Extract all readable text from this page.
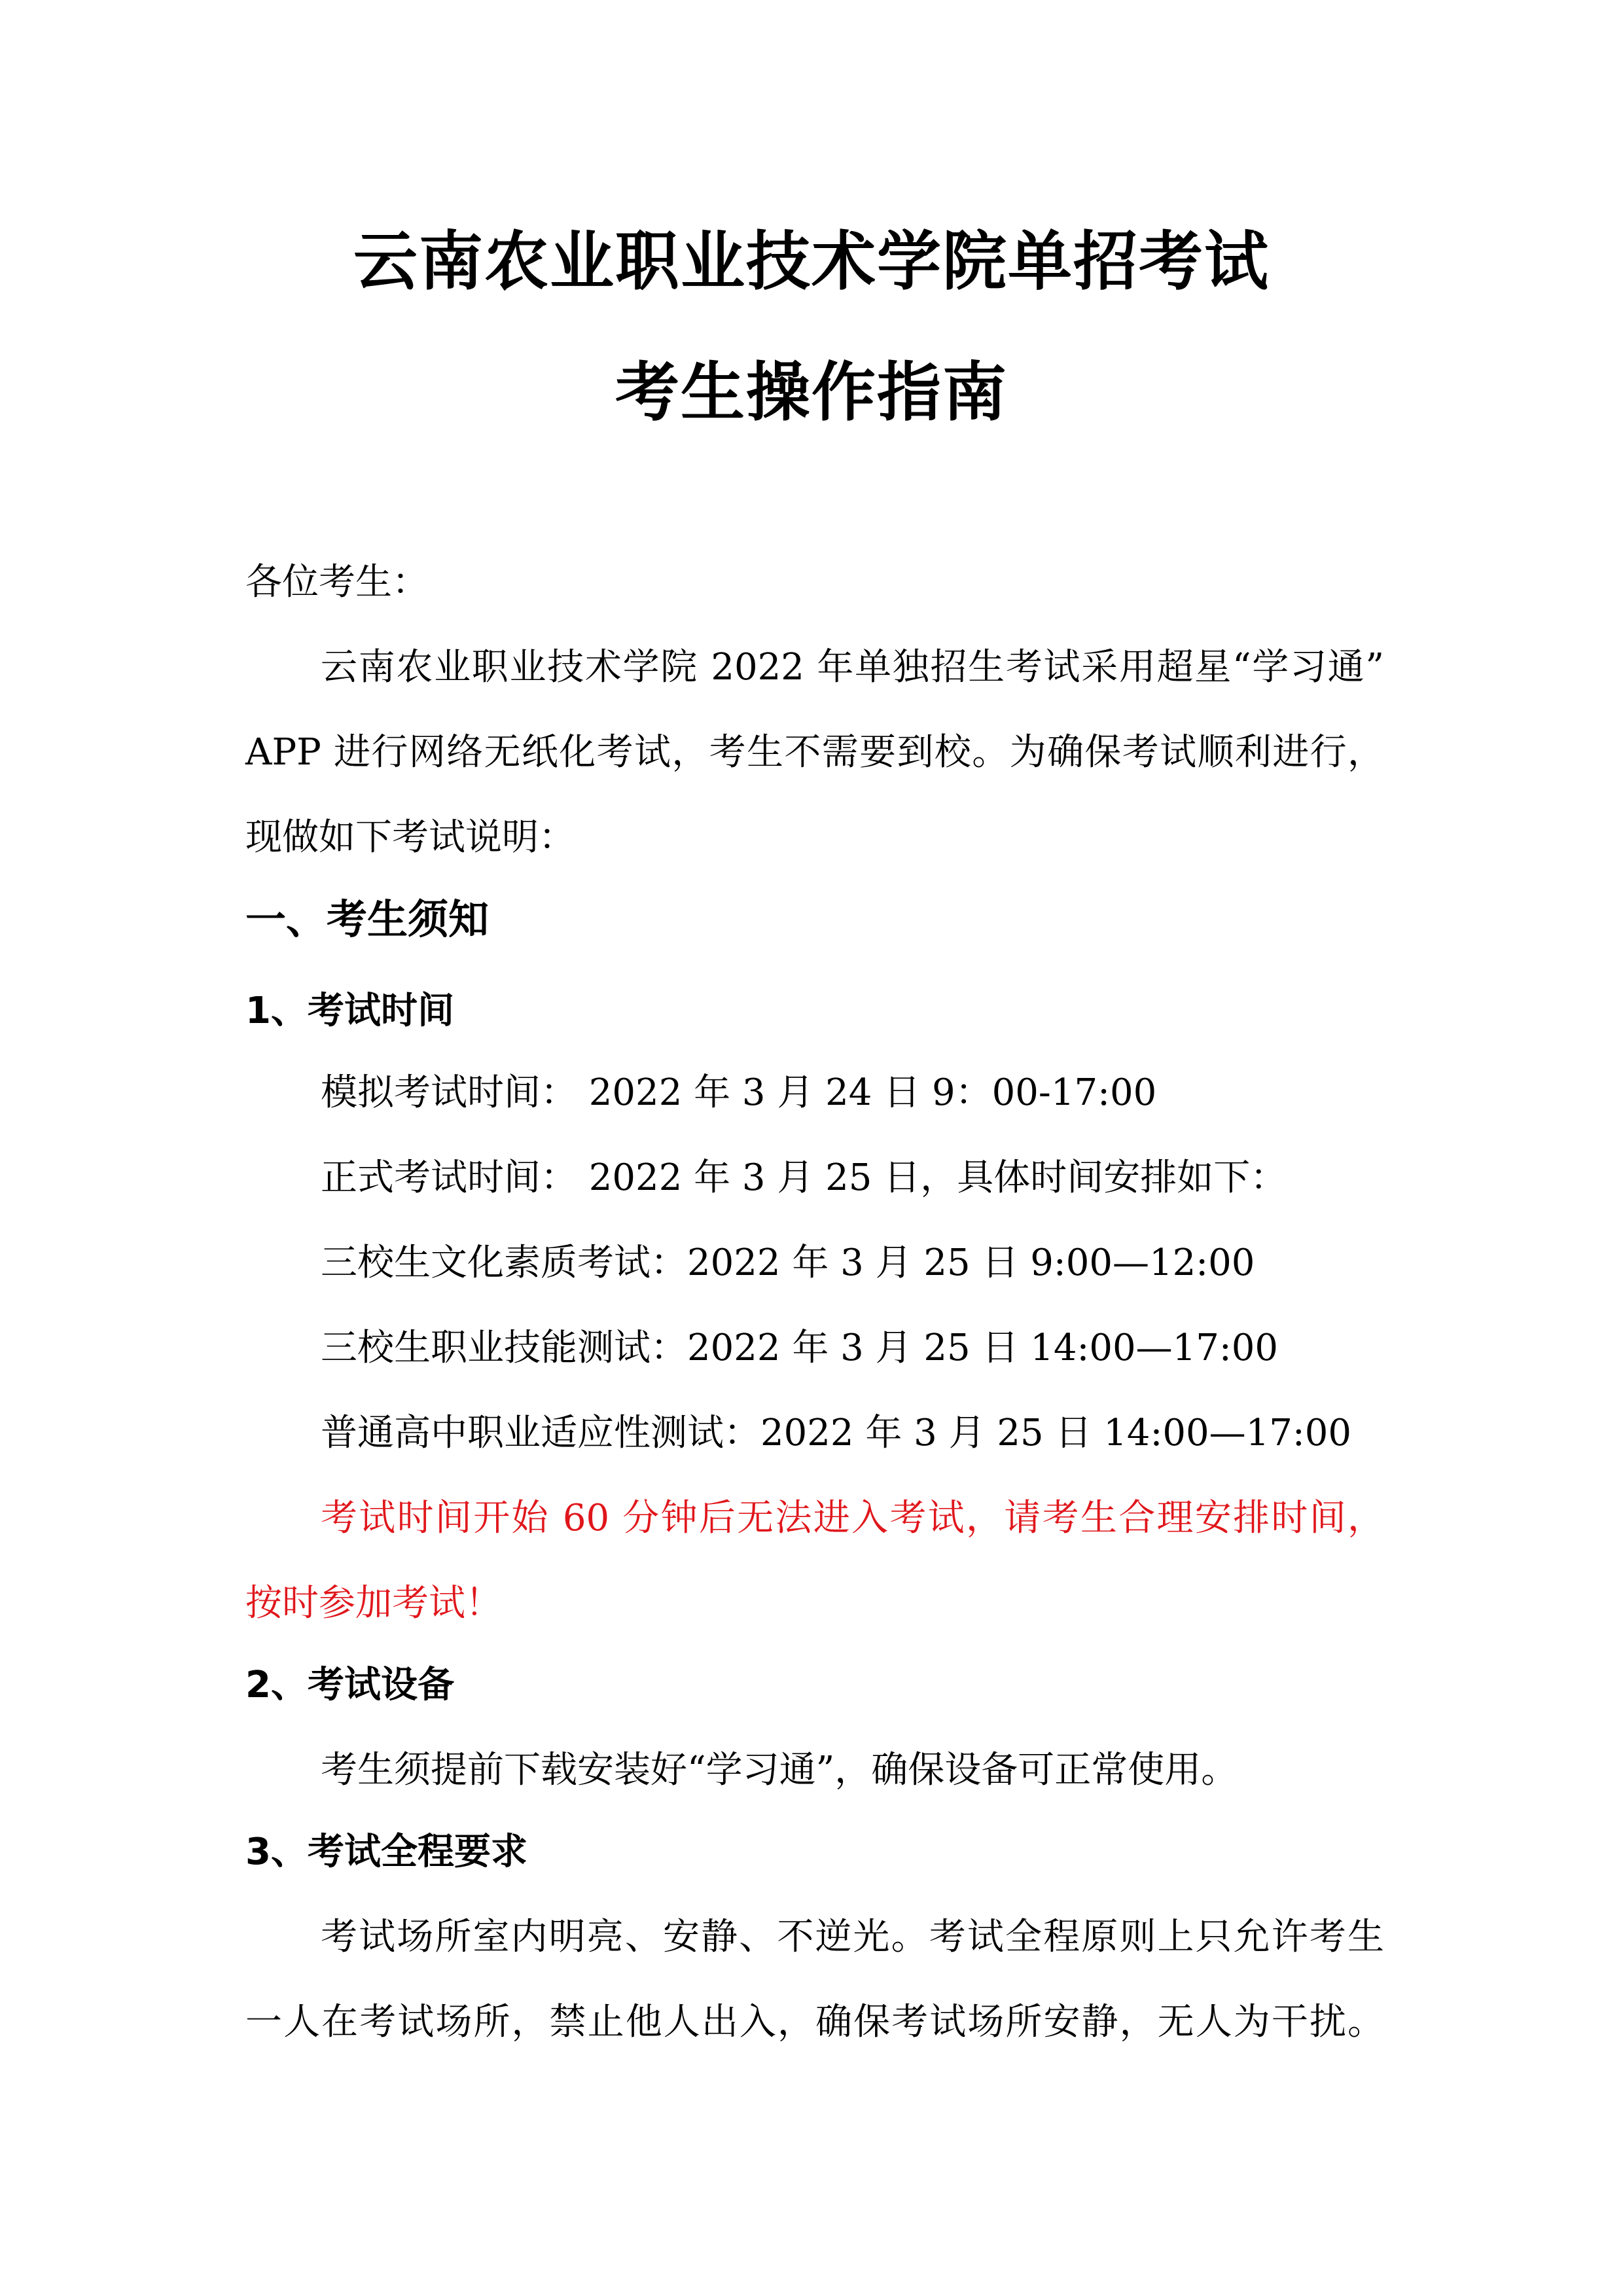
云南农业职业技术学院单招考试
考生操作指南
各位考生：
云南农业职业技术学院 2022 年单独招生考试采用超星“学习通”
APP 进行网络无纸化考试，考生不需要到校。为确保考试顺利进行，
现做如下考试说明：
一、考生须知
1、考试时间
模拟考试时间： 2022 年 3 月 24 日 9：00-17:00
正式考试时间： 2022 年 3 月 25 日，具体时间安排如下：
三校生文化素质考试：2022 年 3 月 25 日 9:00—12:00
三校生职业技能测试：2022 年 3 月 25 日 14:00—17:00
普通高中职业适应性测试：2022 年 3 月 25 日 14:00—17:00
考试时间开始 60 分钟后无法进入考试，请考生合理安排时间，
按时参加考试！
2、考试设备
考生须提前下载安装好“学习通”，确保设备可正常使用。
3、考试全程要求
考试场所室内明亮、安静、不逆光。考试全程原则上只允许考生
一人在考试场所，禁止他人出入，确保考试场所安静，无人为干扰。
